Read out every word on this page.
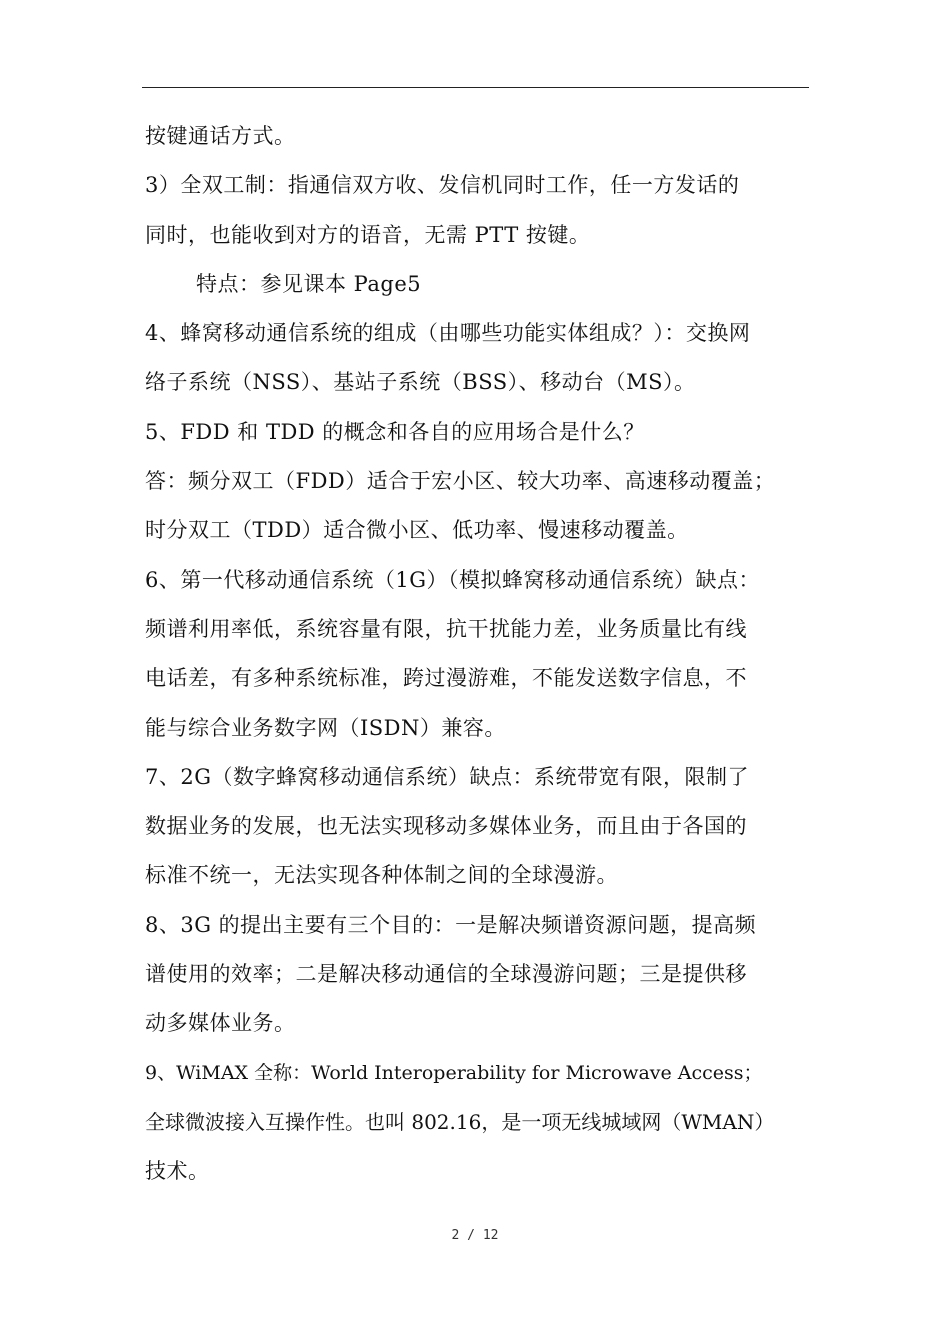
按键通话方式。
3）全双工制：指通信双方收、发信机同时工作，任一方发话的
同时，也能收到对方的语音，无需 PTT 按键。
特点：参见课本 Page5
4、蜂窝移动通信系统的组成（由哪些功能实体组成？）：交换网
络子系统（NSS）、基站子系统（BSS）、移动台（MS）。
5、FDD 和 TDD 的概念和各自的应用场合是什么？
答：频分双工（FDD）适合于宏小区、较大功率、高速移动覆盖；
时分双工（TDD）适合微小区、低功率、慢速移动覆盖。
6、第一代移动通信系统（1G）（模拟蜂窝移动通信系统）缺点：
频谱利用率低，系统容量有限，抗干扰能力差，业务质量比有线
电话差，有多种系统标准，跨过漫游难，不能发送数字信息，不
能与综合业务数字网（ISDN）兼容。
7、2G（数字蜂窝移动通信系统）缺点：系统带宽有限，限制了
数据业务的发展，也无法实现移动多媒体业务，而且由于各国的
标准不统一，无法实现各种体制之间的全球漫游。
8、3G 的提出主要有三个目的：一是解决频谱资源问题，提高频
谱使用的效率；二是解决移动通信的全球漫游问题；三是提供移
动多媒体业务。
9、WiMAX 全称：World Interoperability for Microwave Access；
全球微波接入互操作性。也叫 802.16，是一项无线城域网（WMAN）
技术。
2 / 12
